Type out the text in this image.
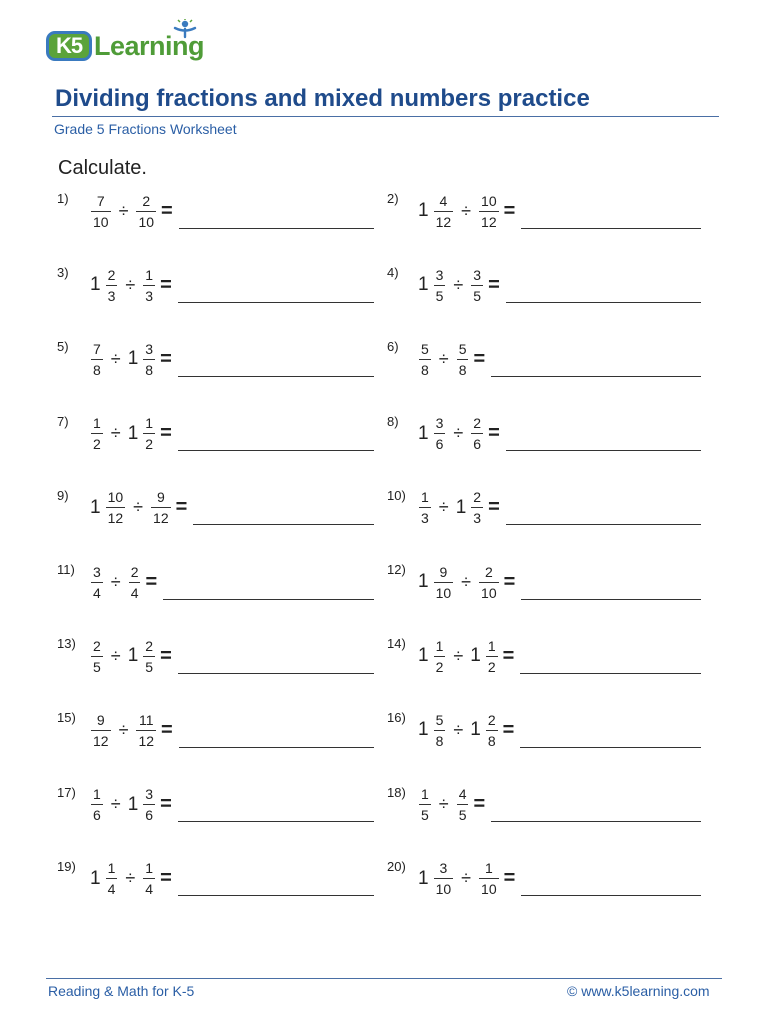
K5 Learning
Dividing fractions and mixed numbers practice
Grade 5 Fractions Worksheet
Calculate.
$1) \frac{7}{10} \div \frac{2}{10}$ =
2)
$1 \frac{4}{12} \div \frac{10}{12}$ =
3)
$1 \frac{2}{3} \div \frac{1}{3}$ =
4)
$1 \frac{3}{5} \div \frac{3}{5}$ =
$5) \frac{7}{8} \div 1 \frac{3}{8}$ =
$6) \frac{5}{8} \div \frac{5}{8}$ =
$7) \frac{1}{2} \div 1 \frac{1}{2}$ =
8)
$1 \frac{3}{6} \div \frac{2}{6}$ =
9)
$1 \frac{10}{12} \div \frac{9}{12}$ =
$10) \frac{1}{3} \div 1 \frac{2}{3}$ =
$11) \frac{3}{4} \div \frac{2}{4}$ =
12)
$1 \frac{9}{10} \div \frac{2}{10}$ =
$13) \frac{2}{5} \div 1 \frac{2}{5}$ =
14)
$1 \frac{1}{2} \div 1 \frac{1}{2}$ =
$15) \frac{9}{12} \div \frac{11}{12}$ =
16)
$1 \frac{5}{8} \div 1 \frac{2}{8}$ =
$17) \frac{1}{6} \div 1 \frac{3}{6}$ =
$18) \frac{1}{5} \div \frac{4}{5}$ =
19)
$1 \frac{1}{4} \div \frac{1}{4}$ =
20)
$1 \frac{3}{10} \div \frac{1}{10}$ =
Reading & Math for K-5	© www.k5learning.com
